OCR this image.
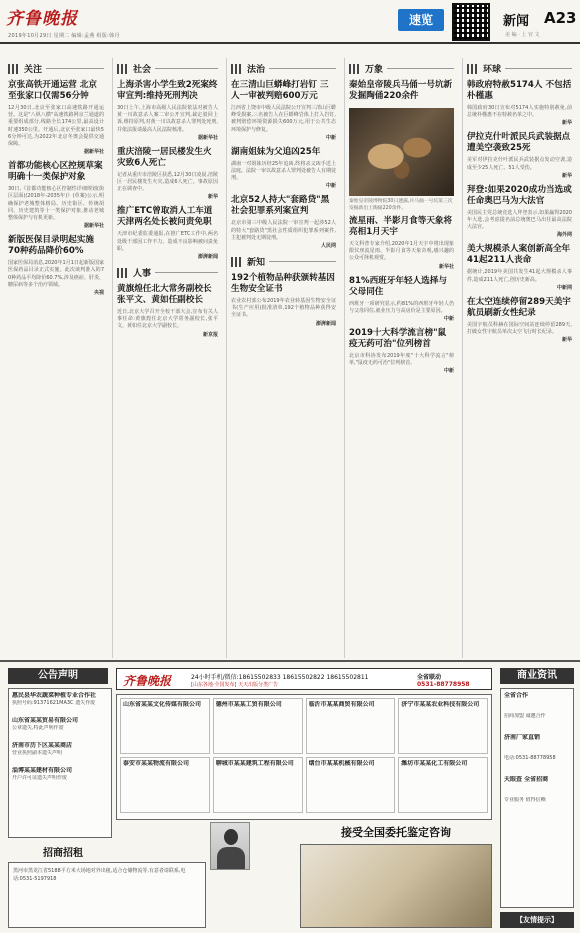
齐鲁晚报
2019年10月29日 星期二 编辑:孟燕 组版:韩丹
速览	新闻 A23
美 编 · 上 官 文
关注
京张高铁开通运营 北京至张家口仅需56分钟
12月30日,北京至张家口高速铁路开通运营。这是"八纵八横"高速铁路网京兰通道的重要组成部分,线路全长174公里,最高设计时速350公里。开通后,北京至张家口最快56分钟可达,为2022年北京冬奥会提供交通保障。
据新华社
首都功能核心区控规草案明确十一类保护对象
30日,《首都功能核心区控制性详细规划(街区层面)(2018年-2035年)》(草案)公示,明确保护老城整体格局、历史街区、传统胡同、历史建筑等十一类保护对象,推动老城整体保护与有机更新。
据新华社
新版医保目录明起实施 70种药品降价60%
国家医保局消息,2020年1月1日起新版国家医保药品目录正式实施。此次谈判准入的70种药品平均降价60.7%,涉及癌症、肝炎、糖尿病等多个治疗领域。
央视
社会
上海杀害小学生致2死案终审宣判:维持死刑判决
30日上午,上海市高级人民法院依法对被告人黄一川故意杀人案二审公开宣判,裁定驳回上诉,维持原判,对黄一川以故意杀人罪判处死刑,并依法报请最高人民法院核准。
据新华社
重庆涪陵一居民楼发生火灾致6人死亡
记者从重庆市涪陵区获悉,12月30日凌晨,涪陵区一居民楼发生火灾,造成6人死亡。事故原因正在调查中。
新华
推广ETC曾取消人工车道 天津两名处长被问责免职
天津市纪委监委通报,在推广ETC工作中,两名处级干部因工作不力、造成不良影响被问责免职。
澎湃新闻
人事
黄旗煌任北大常务副校长 张平文、黄如任副校长
近日,北京大学召开全校干部大会,宣布有关人事任命:黄旗煌任北京大学常务副校长,张平文、黄如任北京大学副校长。
新京报
法治
在三清山巨蟒峰打岩钉 三人一审被判赔600万元
江西省上饶市中级人民法院公开宣判三清山巨蟒峰受损案,三名被告人在巨蟒峰岩体上打入岩钉,被判赔偿环境资源损失600万元,用于公共生态环境保护与修复。
中新
湖南姐妹为父追凶25年
湖南一对姐妹历经25年追凶,终将杀父凶手送上法庭。法院一审以故意杀人罪判处被告人有期徒刑。
中新
北京52人持大"套路贷"黑社会犯罪系列案宣判
北京市第三中级人民法院一审宣判一起涉52人的特大"套路贷"黑社会性质组织犯罪系列案件,主犯被判处无期徒刑。
人民网
新知
192个植物品种获颁转基因生物安全证书
农业农村部公布2019年农业转基因生物安全证书(生产应用)批准清单,192个植物品种获得安全证书。
澎湃新闻
万象
秦始皇帝陵兵马俑一号坑新发掘陶俑220余件
秦始皇帝陵博物院30日透露,兵马俑一号坑第三次发掘新出土陶俑220余件。
流星雨、半影月食等天象将亮相1月天宇
天文科普专家介绍,2020年1月天宇中将出现象限仪座流星雨、半影月食等天象奇观,感兴趣的公众可择机观赏。
新华社
81%西班牙年轻人选择与父母同住
西班牙一项研究显示,约81%的西班牙年轻人仍与父母同住,就业压力与高房价是主要原因。
中新
2019十大科学流言榜"鼠疫无药可治"位列榜首
北京市科协发布2019年度"十大科学流言"榜单,"鼠疫无药可治"位列榜首。
中新
环球
韩政府特赦5174人 不包括朴槿惠
韩国政府30日宣布对5174人实施特别赦免,前总统朴槿惠不在特赦名单之中。
新华
伊拉克什叶派民兵武装据点遭美空袭致25死
美军对伊拉克什叶派民兵武装据点发动空袭,造成至少25人死亡、51人受伤。
新华
拜登:如果2020成功当选或任命奥巴马为大法官
美国民主党总统竞选人拜登表示,如果赢得2020年大选,会考虑提名前总统奥巴马出任最高法院大法官。
海外网
美大规模杀人案创新高全年41起211人丧命
据统计,2019年美国共发生41起大规模杀人事件,造成211人死亡,创历史新高。
中新网
在太空连续停留289天美宇航员刷新女性纪录
美国宇航员科赫在国际空间站连续停留289天,打破女性宇航员单次太空飞行时长纪录。
新华
公告声明
惠民县华农蔬菜种植专业合作社
执照号码:91371621MA3C 遗失作废
山东省某某贸易有限公司
公章遗失,特此声明作废
济南市历下区某某商店
营业执照副本遗失声明
淄博某某建材有限公司
开户许可证遗失声明作废
齐鲁晚报	24小时手机/微信:18615502833 18615502822 18615502811
[山东各地·全国发布] 天天出版分类广告
全省联动
0531-88778958
山东省某某文化传媒有限公司	德州市某某工贸有限公司	临沂市某某商贸有限公司	济宁市某某农业科技有限公司
泰安市某某物流有限公司	聊城市某某建筑工程有限公司	烟台市某某机械有限公司	潍坊市某某化工有限公司
招商招租
黑河市黑龙江省5188平方米大场地对外出租,适合仓储物流等,有意者请联系,电话:0531-5197918
接受全国委托鉴定咨询
商业资讯
全省合作
招商加盟 诚邀合作
济南厂家直销
电话:0531-88778958
天眼查 全省招商
专业服务 值得信赖
【友情提示】
